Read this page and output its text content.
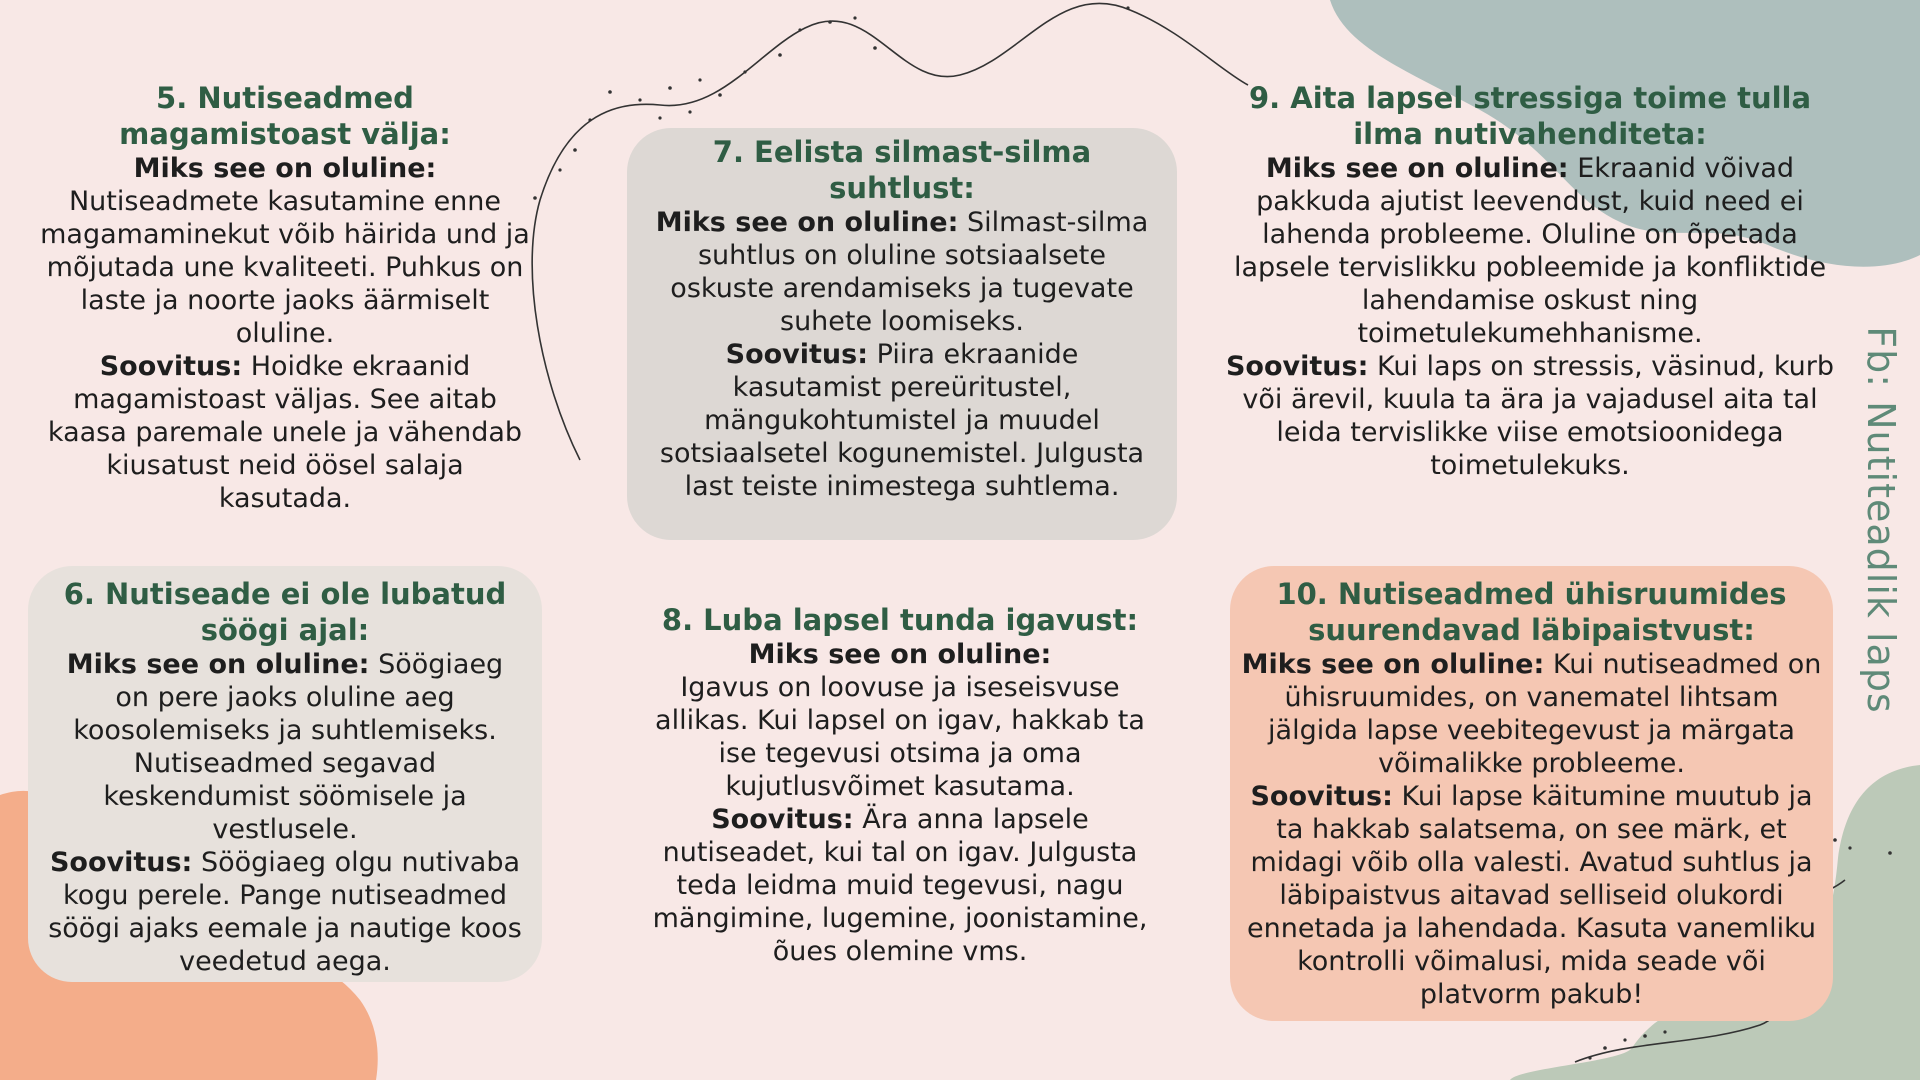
5. Nutiseadmed magamistoast välja:
Miks see on oluline:
Nutiseadmete kasutamine enne magamaminekut võib häirida und ja mõjutada une kvaliteeti. Puhkus on laste ja noorte jaoks äärmiselt oluline.
Soovitus: Hoidke ekraanid magamistoast väljas. See aitab kaasa paremale unele ja vähendab kiusatust neid öösel salaja kasutada.
7. Eelista silmast-silma suhtlust:
Miks see on oluline: Silmast-silma suhtlus on oluline sotsiaalsete oskuste arendamiseks ja tugevate suhete loomiseks.
Soovitus: Piira ekraanide kasutamist pereüritustel, mängukohtumistel ja muudel sotsiaalsetel kogunemistel. Julgusta last teiste inimestega suhtlema.
9. Aita lapsel stressiga toime tulla ilma nutivahenditeta:
Miks see on oluline: Ekraanid võivad pakkuda ajutist leevendust, kuid need ei lahenda probleeme. Oluline on õpetada lapsele tervislikku pobleemide ja konfliktide lahendamise oskust ning toimetulekumehhanisme.
Soovitus: Kui laps on stressis, väsinud, kurb või ärevil, kuula ta ära ja vajadusel aita tal leida tervislikke viise emotsioonidega toimetulekuks.
6. Nutiseade ei ole lubatud söögi ajal:
Miks see on oluline: Söögiaeg on pere jaoks oluline aeg koosolemiseks ja suhtlemiseks. Nutiseadmed segavad keskendumist söömisele ja vestlusele.
Soovitus: Söögiaeg olgu nutivaba kogu perele. Pange nutiseadmed söögi ajaks eemale ja nautige koos veedetud aega.
8. Luba lapsel tunda igavust:
Miks see on oluline:
Igavus on loovuse ja iseseisvuse allikas. Kui lapsel on igav, hakkab ta ise tegevusi otsima ja oma kujutlusvõimet kasutama.
Soovitus: Ära anna lapsele nutiseadet, kui tal on igav. Julgusta teda leidma muid tegevusi, nagu mängimine, lugemine, joonistamine, õues olemine vms.
10. Nutiseadmed ühisruumides suurendavad läbipaistvust:
Miks see on oluline: Kui nutiseadmed on ühisruumides, on vanematel lihtsam jälgida lapse veebitegevust ja märgata võimalikke probleeme.
Soovitus: Kui lapse käitumine muutub ja ta hakkab salatsema, on see märk, et midagi võib olla valesti. Avatud suhtlus ja läbipaistvus aitavad selliseid olukordi ennetada ja lahendada. Kasuta vanemliku kontrolli võimalusi, mida seade või platvorm pakub!
Fb: Nutiteadlik laps
